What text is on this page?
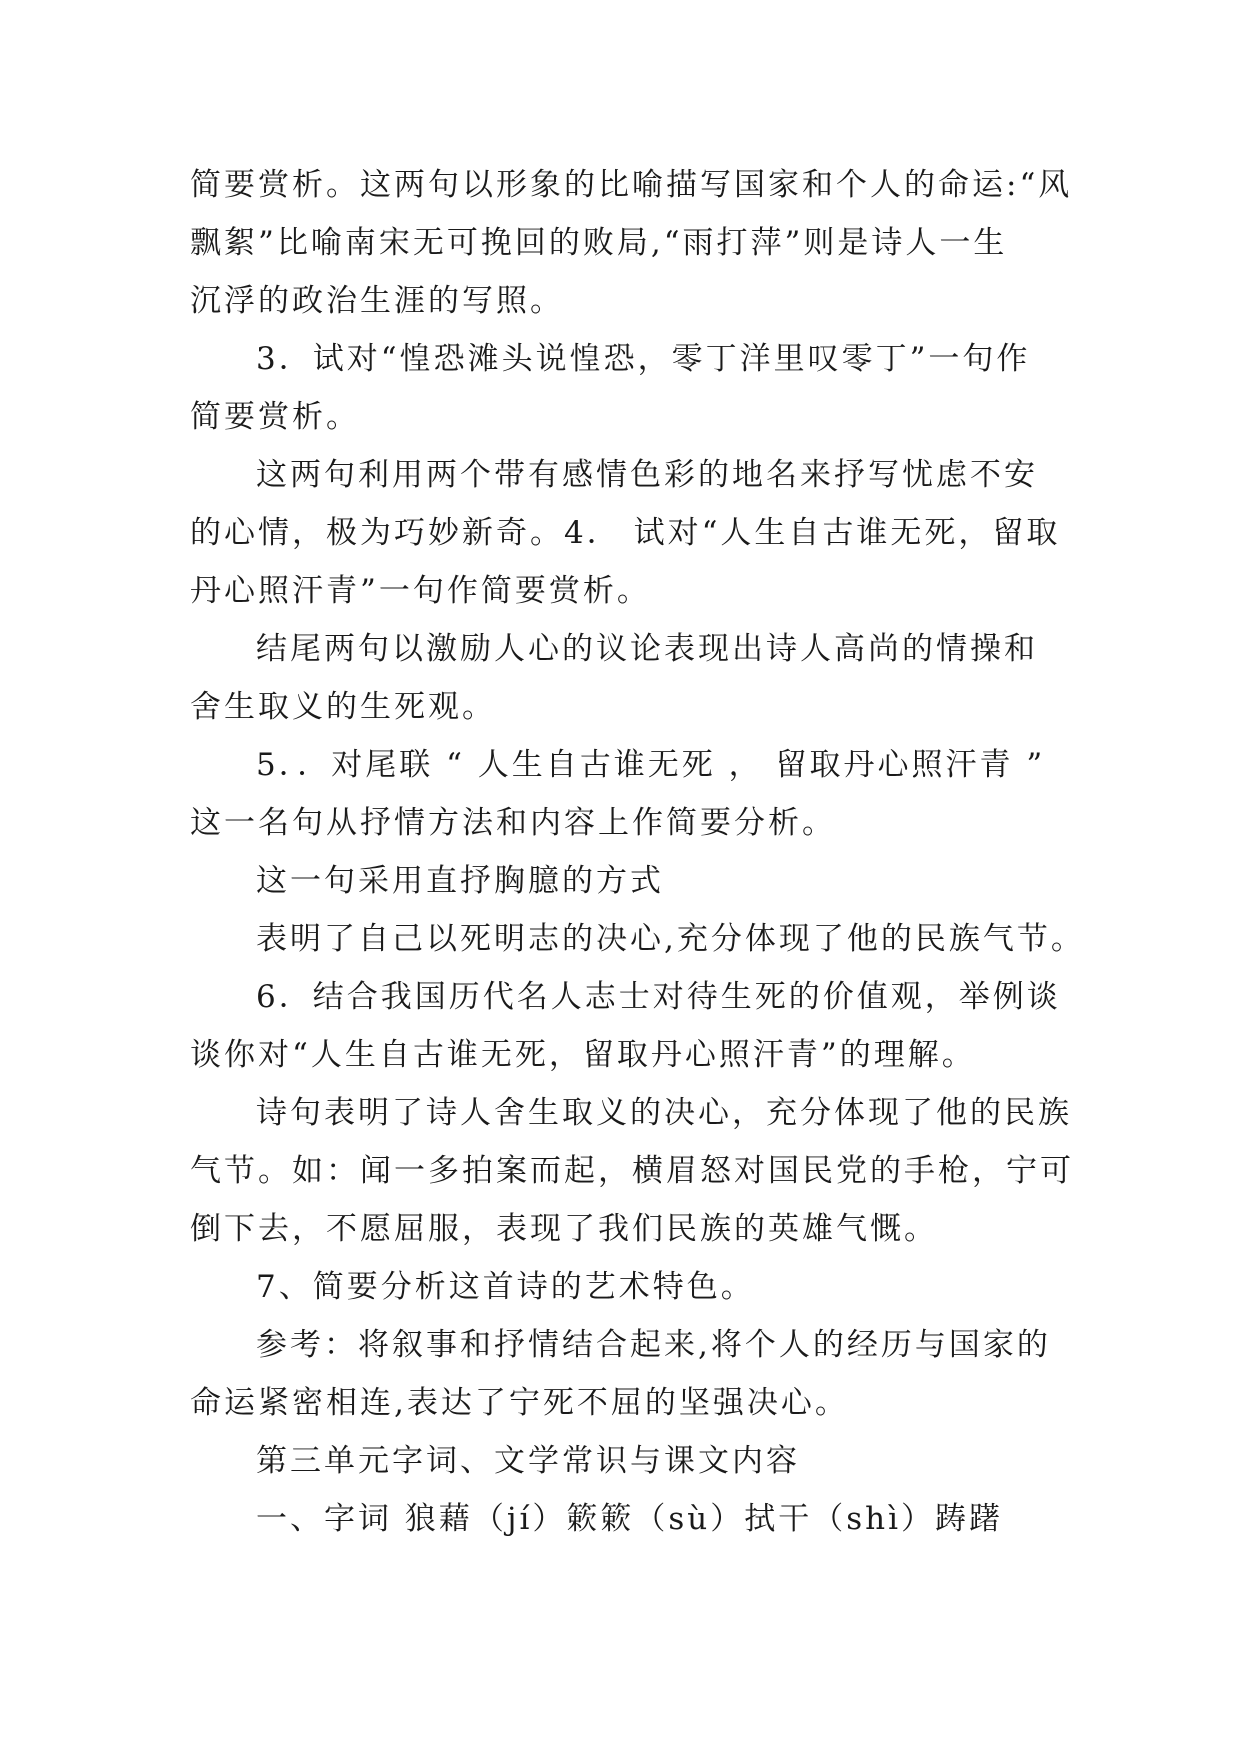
简要赏析。这两句以形象的比喻描写国家和个人的命运:“风
飘絮”比喻南宋无可挽回的败局,“雨打萍”则是诗人一生
沉浮的政治生涯的写照。
3．试对“惶恐滩头说惶恐，零丁洋里叹零丁”一句作
简要赏析。
这两句利用两个带有感情色彩的地名来抒写忧虑不安
的心情，极为巧妙新奇。4． 试对“人生自古谁无死，留取
丹心照汗青”一句作简要赏析。
结尾两句以激励人心的议论表现出诗人高尚的情操和
舍生取义的生死观。
5．．对尾联 “ 人生自古谁无死 ， 留取丹心照汗青 ”
这一名句从抒情方法和内容上作简要分析。
这一句采用直抒胸臆的方式
表明了自己以死明志的决心,充分体现了他的民族气节。
6．结合我国历代名人志士对待生死的价值观，举例谈
谈你对“人生自古谁无死，留取丹心照汗青”的理解。
诗句表明了诗人舍生取义的决心，充分体现了他的民族
气节。如：闻一多拍案而起，横眉怒对国民党的手枪，宁可
倒下去，不愿屈服，表现了我们民族的英雄气慨。
7、简要分析这首诗的艺术特色。
参考：将叙事和抒情结合起来,将个人的经历与国家的
命运紧密相连,表达了宁死不屈的坚强决心。
第三单元字词、文学常识与课文内容
一、字词 狼藉（jí）簌簌（sù）拭干（shì）踌躇
